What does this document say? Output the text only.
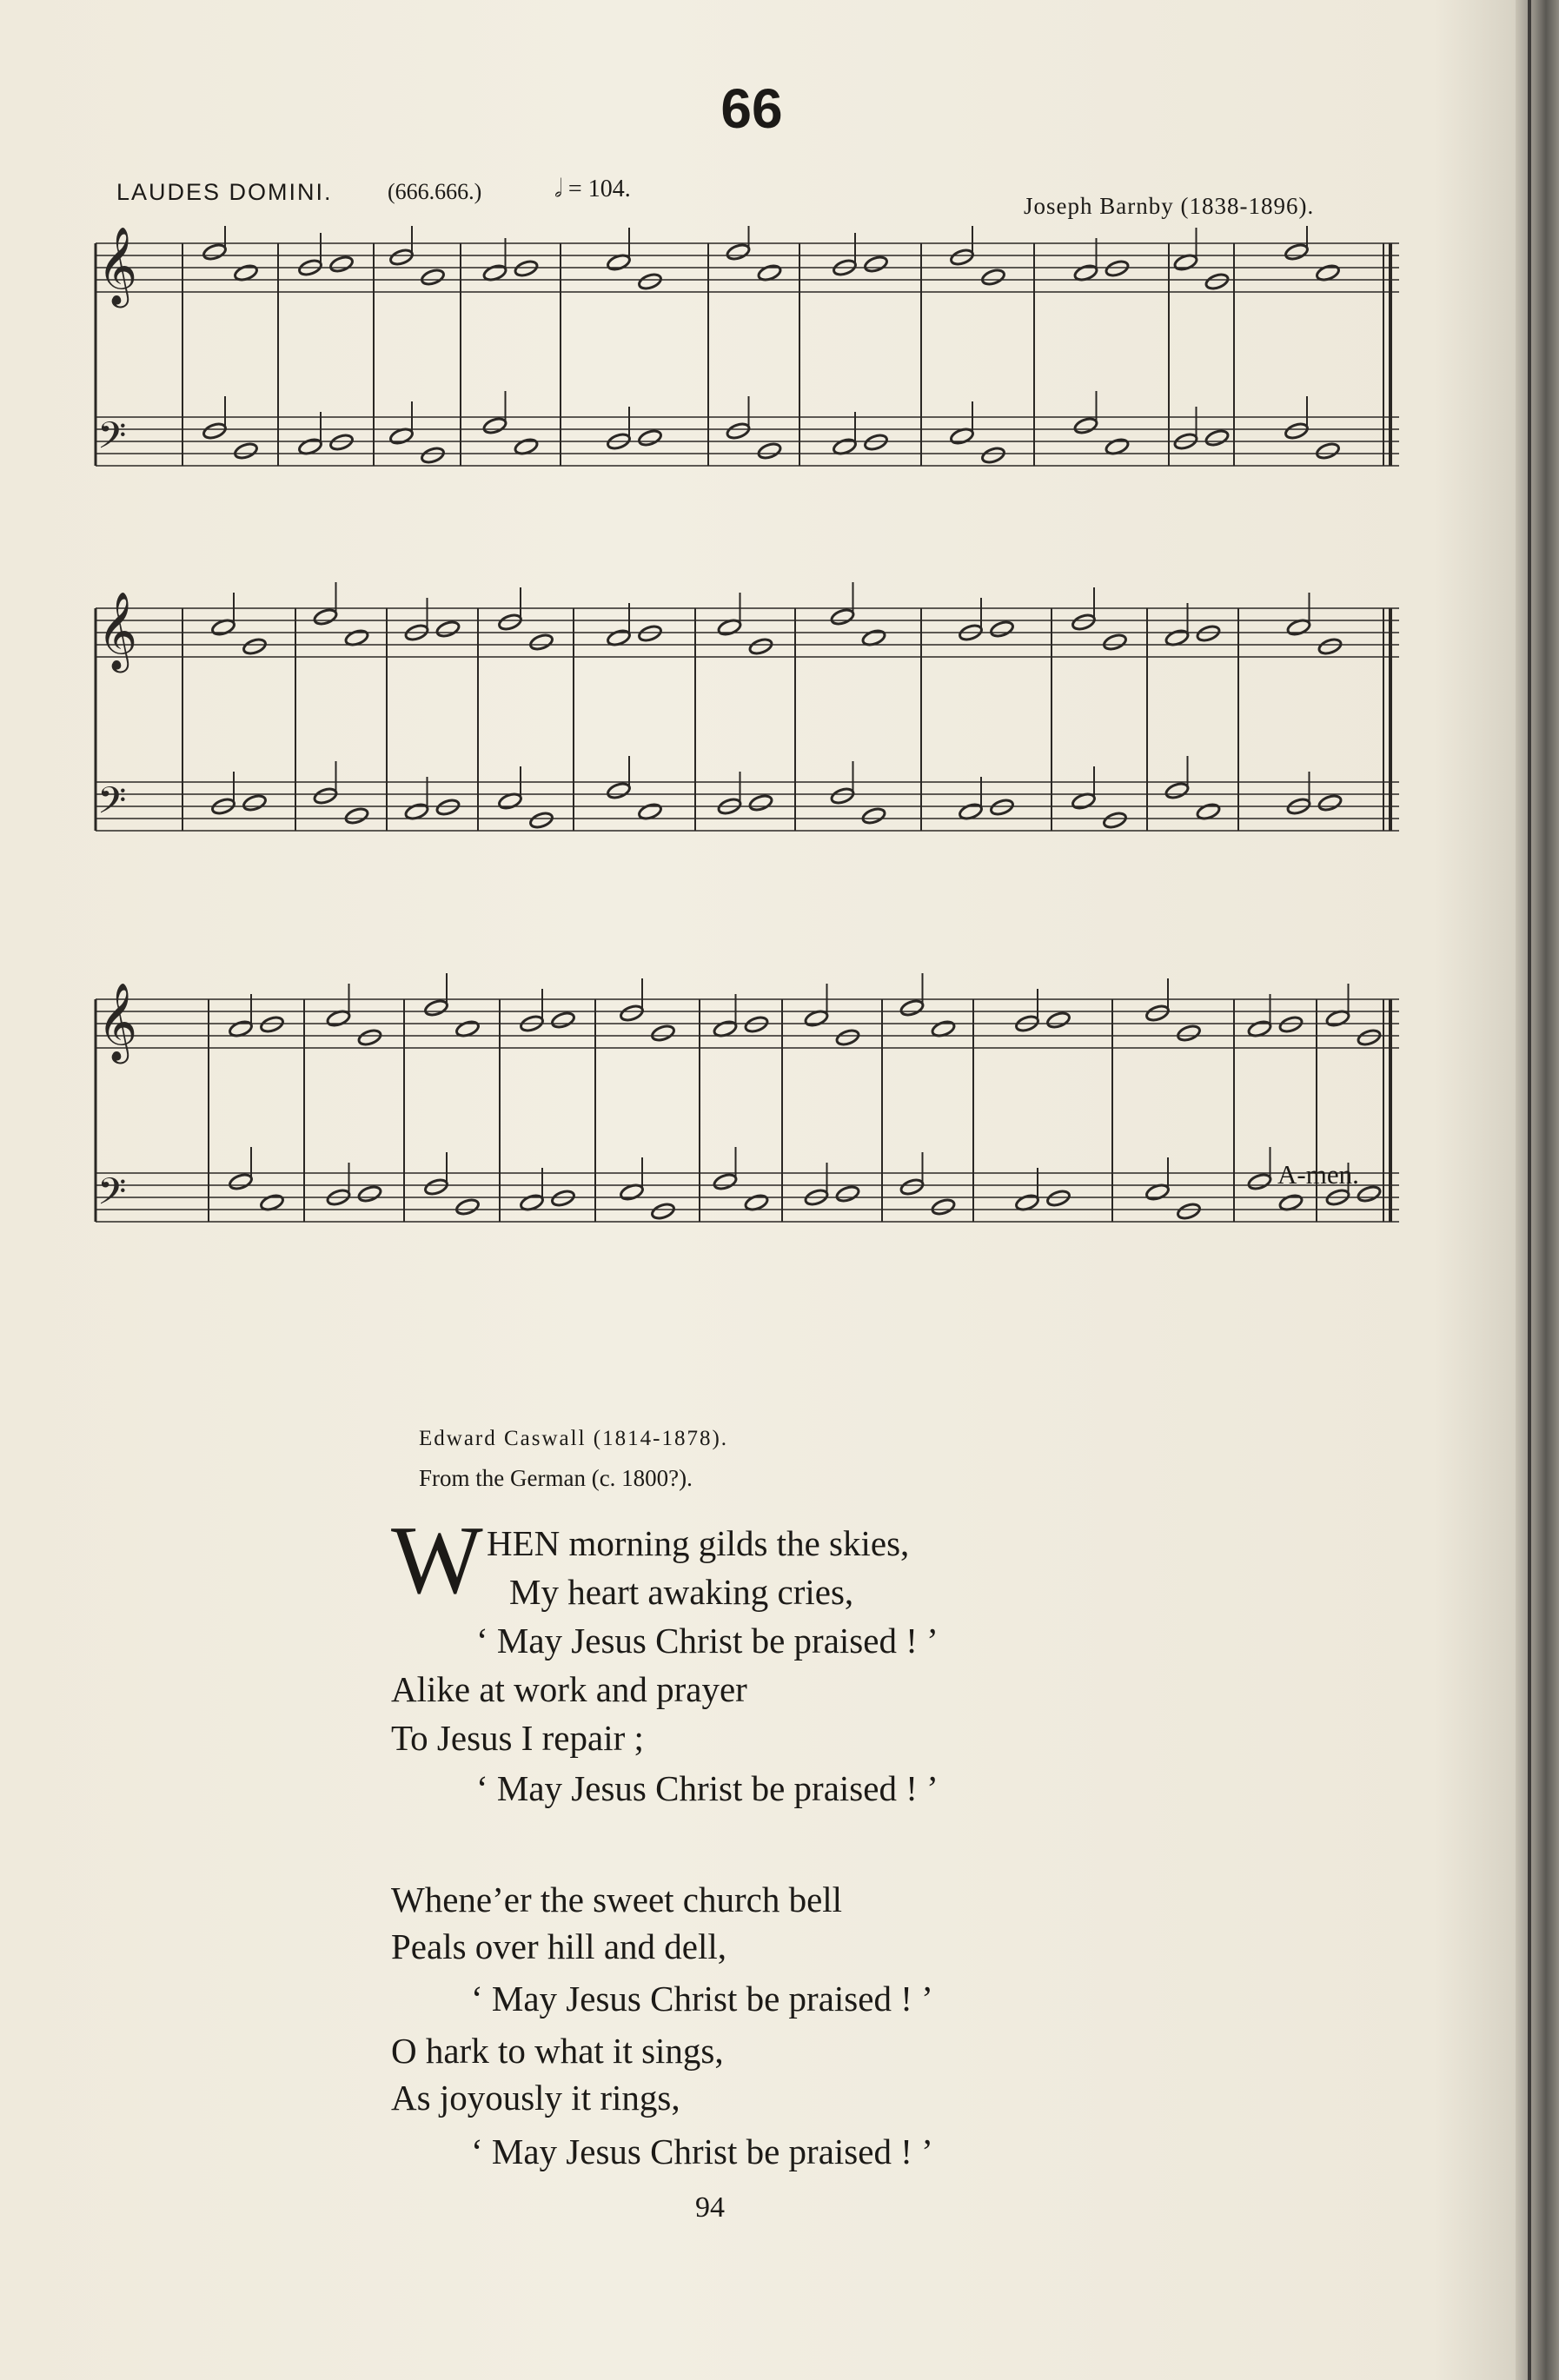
66
LAUDES DOMINI. (666.666.)	𝅗𝅥 = 104.
Joseph Barnby (1838-1896).
𝄞
𝄢
𝄞
𝄢
𝄞
𝄢	A-men.
Edward Caswall (1814-1878).
From the German (c. 1800?).
W HEN morning gilds the skies,
My heart awaking cries,
‘ May Jesus Christ be praised ! ’
Alike at work and prayer
To Jesus I repair ;
‘ May Jesus Christ be praised ! ’
Whene’er the sweet church bell
Peals over hill and dell,
‘ May Jesus Christ be praised ! ’
O hark to what it sings,
As joyously it rings,
‘ May Jesus Christ be praised ! ’
94
